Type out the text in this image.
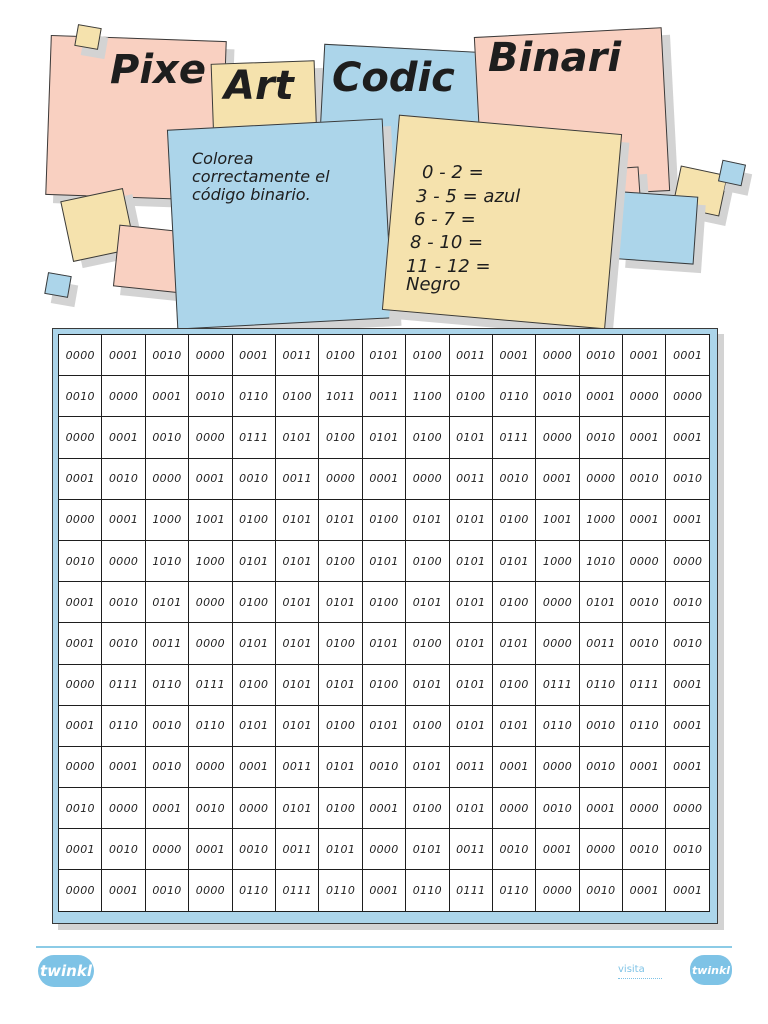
Pixe Art Codic Binari
Colorea correctamente el código binario.
0 - 2 =
3 - 5 = azul
6 - 7 =
8 - 10 =
11 - 12 =
Negro
0000	0001	0010	0000	0001	0011	0100	0101	0100	0011	0001	0000	0010	0001	0001
0010	0000	0001	0010	0110	0100	1011	0011	1100	0100	0110	0010	0001	0000	0000
0000	0001	0010	0000	0111	0101	0100	0101	0100	0101	0111	0000	0010	0001	0001
0001	0010	0000	0001	0010	0011	0000	0001	0000	0011	0010	0001	0000	0010	0010
0000	0001	1000	1001	0100	0101	0101	0100	0101	0101	0100	1001	1000	0001	0001
0010	0000	1010	1000	0101	0101	0100	0101	0100	0101	0101	1000	1010	0000	0000
0001	0010	0101	0000	0100	0101	0101	0100	0101	0101	0100	0000	0101	0010	0010
0001	0010	0011	0000	0101	0101	0100	0101	0100	0101	0101	0000	0011	0010	0010
0000	0111	0110	0111	0100	0101	0101	0100	0101	0101	0100	0111	0110	0111	0001
0001	0110	0010	0110	0101	0101	0100	0101	0100	0101	0101	0110	0010	0110	0001
0000	0001	0010	0000	0001	0011	0101	0010	0101	0011	0001	0000	0010	0001	0001
0010	0000	0001	0010	0000	0101	0100	0001	0100	0101	0000	0010	0001	0000	0000
0001	0010	0000	0001	0010	0011	0101	0000	0101	0011	0010	0001	0000	0010	0010
0000	0001	0010	0000	0110	0111	0110	0001	0110	0111	0110	0000	0010	0001	0001
twinkl	visita	twinkl
